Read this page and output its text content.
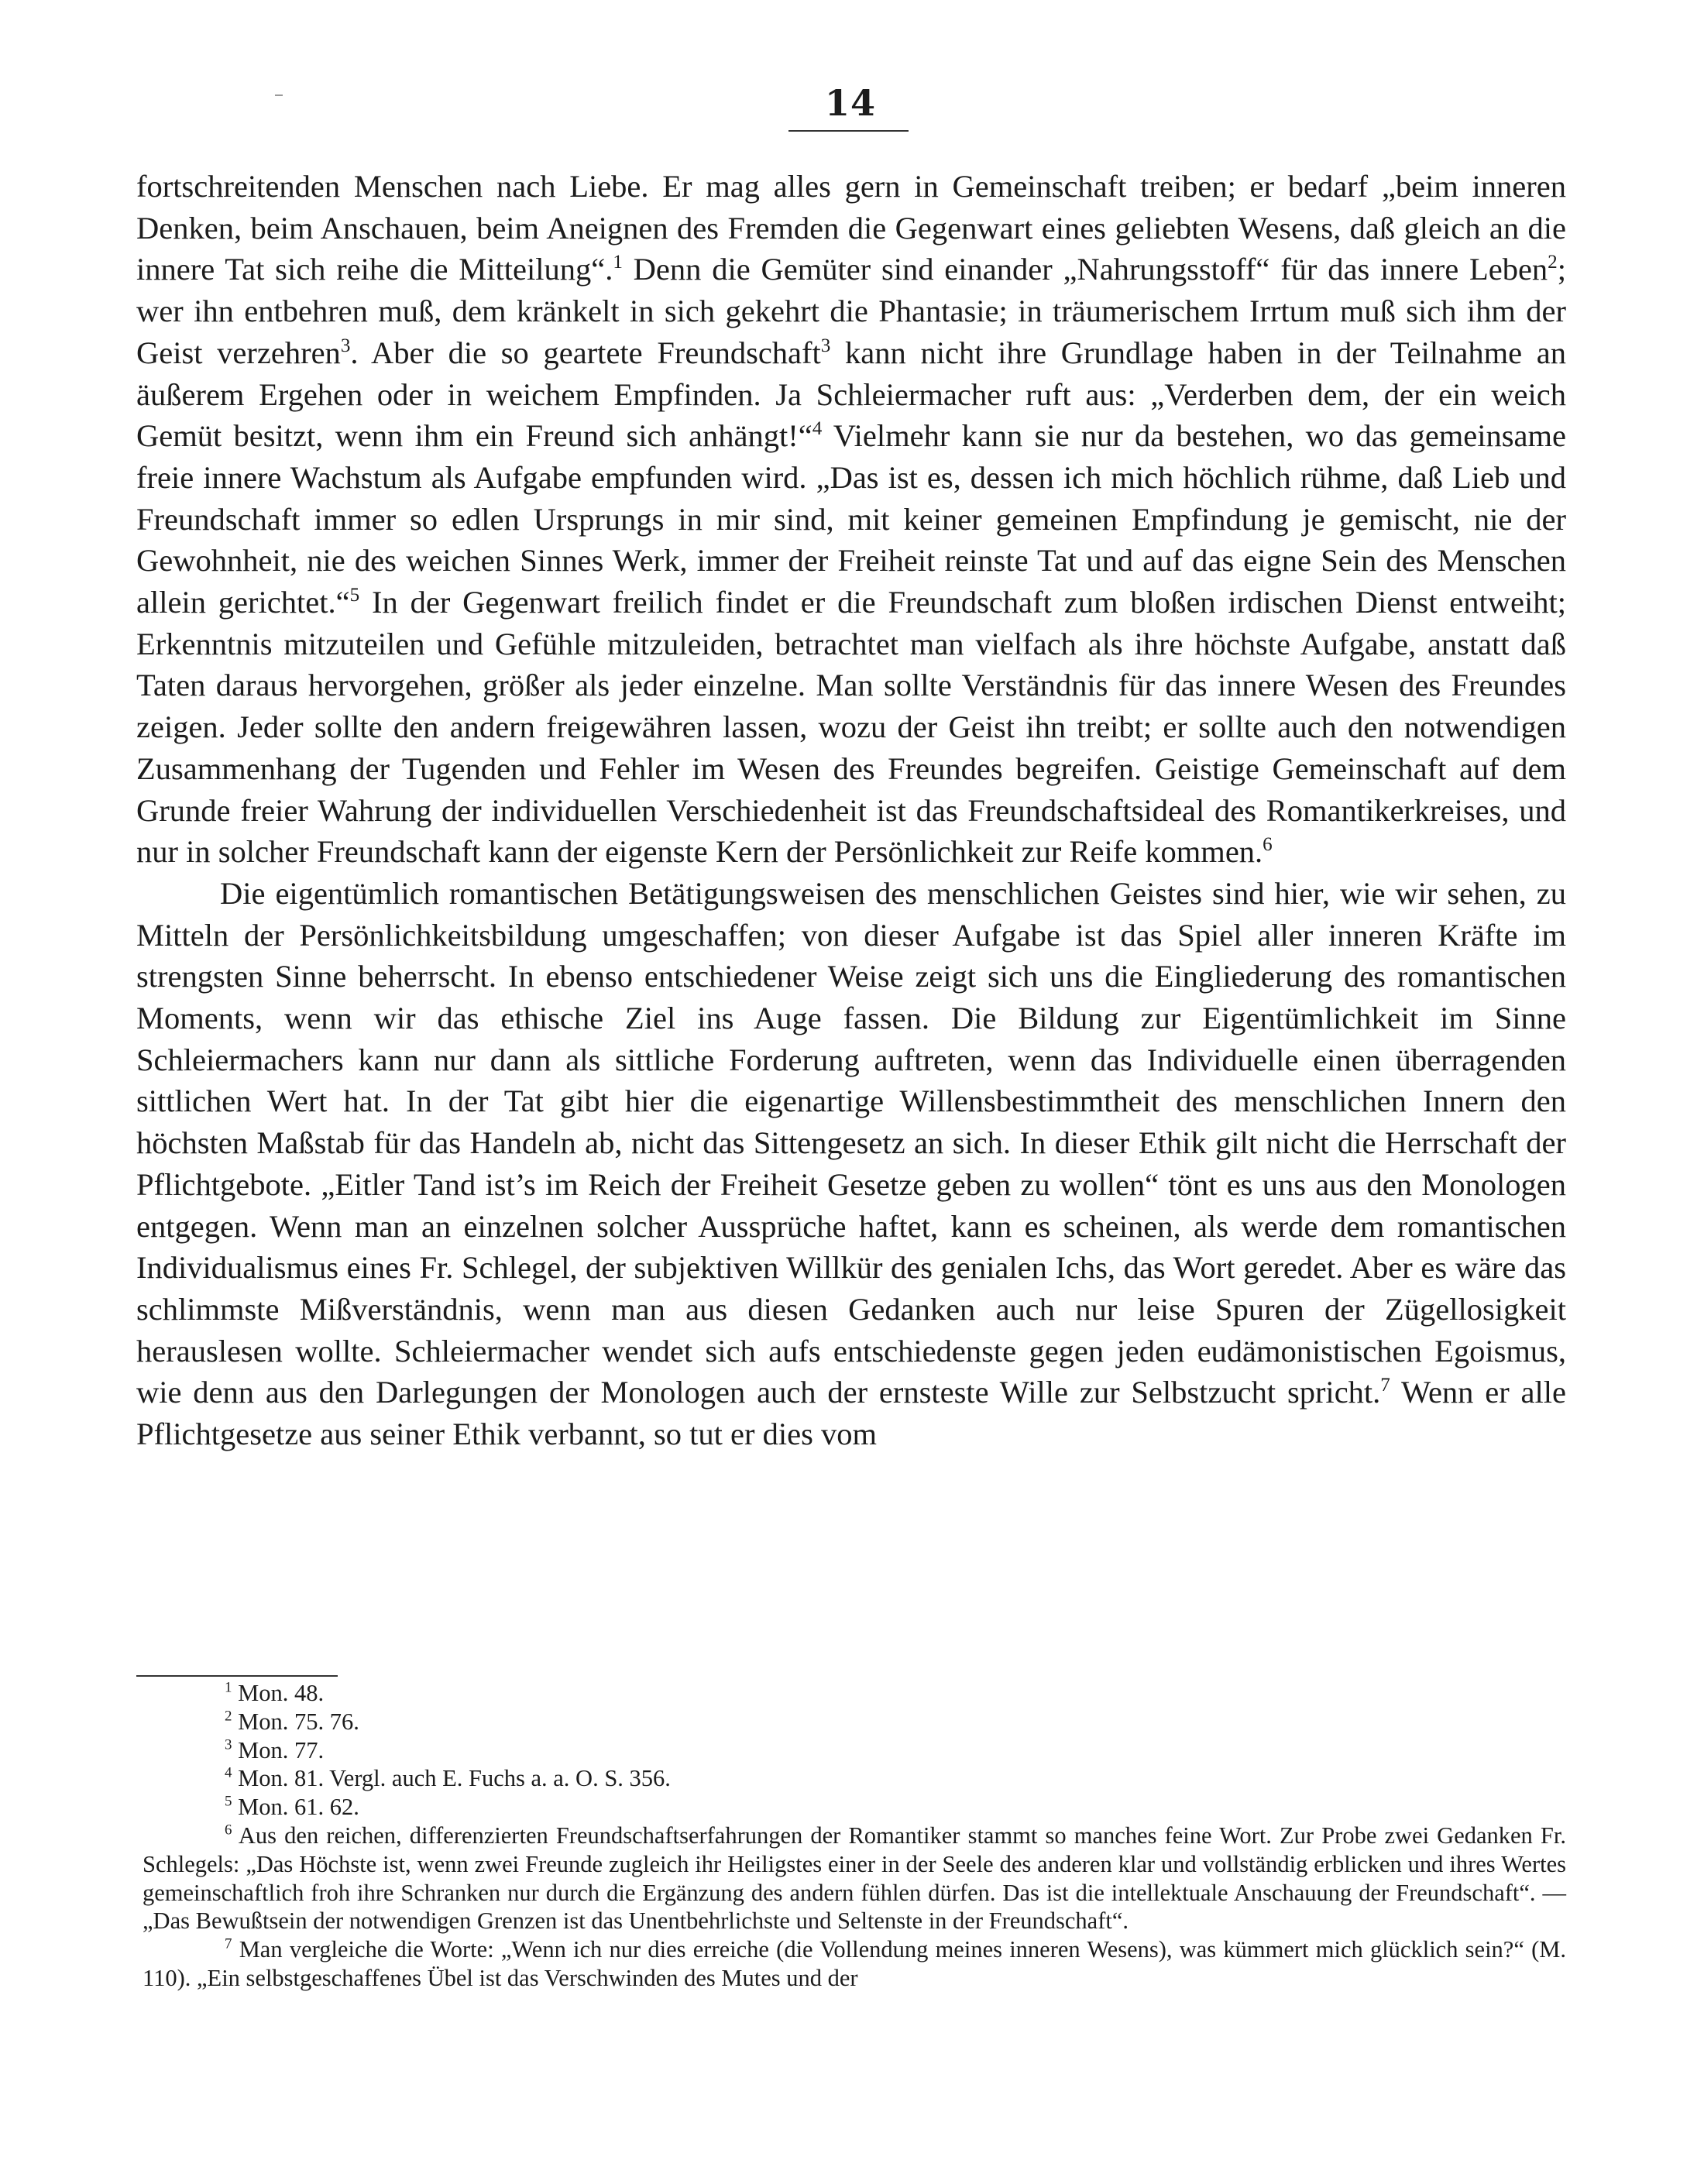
14

fortschreitenden Menschen nach Liebe. Er mag alles gern in Gemeinschaft treiben; er bedarf „beim inneren Denken, beim Anschauen, beim Aneignen des Fremden die Gegenwart eines geliebten Wesens, daß gleich an die innere Tat sich reihe die Mitteilung“.$^1$ Denn die Gemüter sind einander „Nahrungsstoff“ für das innere Leben$^2$; wer ihn entbehren muß, dem kränkelt in sich gekehrt die Phantasie; in träumerischem Irrtum muß sich ihm der Geist verzehren$^3$. Aber die so geartete Freundschaft$^3$ kann nicht ihre Grundlage haben in der Teilnahme an äußerem Ergehen oder in weichem Empfinden. Ja Schleiermacher ruft aus: „Verderben dem, der ein weich Gemüt besitzt, wenn ihm ein Freund sich anhängt!“$^4$ Vielmehr kann sie nur da bestehen, wo das gemeinsame freie innere Wachstum als Aufgabe empfunden wird. „Das ist es, dessen ich mich höchlich rühme, daß Lieb und Freundschaft immer so edlen Ursprungs in mir sind, mit keiner gemeinen Empfindung je gemischt, nie der Gewohnheit, nie des weichen Sinnes Werk, immer der Freiheit reinste Tat und auf das eigne Sein des Menschen allein gerichtet.“$^5$ In der Gegenwart freilich findet er die Freundschaft zum bloßen irdischen Dienst entweiht; Erkenntnis mitzuteilen und Gefühle mitzuleiden, betrachtet man vielfach als ihre höchste Aufgabe, anstatt daß Taten daraus hervorgehen, größer als jeder einzelne. Man sollte Verständnis für das innere Wesen des Freundes zeigen. Jeder sollte den andern freigewähren lassen, wozu der Geist ihn treibt; er sollte auch den notwendigen Zusammenhang der Tugenden und Fehler im Wesen des Freundes begreifen. Geistige Gemeinschaft auf dem Grunde freier Wahrung der individuellen Verschiedenheit ist das Freundschaftsideal des Romantikerkreises, und nur in solcher Freundschaft kann der eigenste Kern der Persönlichkeit zur Reife kommen.$^6$

Die eigentümlich romantischen Betätigungsweisen des menschlichen Geistes sind hier, wie wir sehen, zu Mitteln der Persönlichkeitsbildung umgeschaffen; von dieser Aufgabe ist das Spiel aller inneren Kräfte im strengsten Sinne beherrscht. In ebenso entschiedener Weise zeigt sich uns die Eingliederung des romantischen Moments, wenn wir das ethische Ziel ins Auge fassen. Die Bildung zur Eigentümlichkeit im Sinne Schleiermachers kann nur dann als sittliche Forderung auftreten, wenn das Individuelle einen überragenden sittlichen Wert hat. In der Tat gibt hier die eigenartige Willensbestimmtheit des menschlichen Innern den höchsten Maßstab für das Handeln ab, nicht das Sittengesetz an sich. In dieser Ethik gilt nicht die Herrschaft der Pflichtgebote. „Eitler Tand ist’s im Reich der Freiheit Gesetze geben zu wollen“ tönt es uns aus den Monologen entgegen. Wenn man an einzelnen solcher Aussprüche haftet, kann es scheinen, als werde dem romantischen Individualismus eines Fr. Schlegel, der subjektiven Willkür des genialen Ichs, das Wort geredet. Aber es wäre das schlimmste Mißverständnis, wenn man aus diesen Gedanken auch nur leise Spuren der Zügellosigkeit herauslesen wollte. Schleiermacher wendet sich aufs entschiedenste gegen jeden eudämonistischen Egoismus, wie denn aus den Darlegungen der Monologen auch der ernsteste Wille zur Selbstzucht spricht.$^7$ Wenn er alle Pflichtgesetze aus seiner Ethik verbannt, so tut er dies vom

$^1$ Mon. 48.
$^2$ Mon. 75. 76.
$^3$ Mon. 77.
$^4$ Mon. 81. Vergl. auch E. Fuchs a. a. O. S. 356.
$^5$ Mon. 61. 62.
$^6$ Aus den reichen, differenzierten Freundschaftserfahrungen der Romantiker stammt so manches feine Wort. Zur Probe zwei Gedanken Fr. Schlegels: „Das Höchste ist, wenn zwei Freunde zugleich ihr Heiligstes einer in der Seele des anderen klar und vollständig erblicken und ihres Wertes gemeinschaftlich froh ihre Schranken nur durch die Ergänzung des andern fühlen dürfen. Das ist die intellektuale Anschauung der Freundschaft“. — „Das Bewußtsein der notwendigen Grenzen ist das Unentbehrlichste und Seltenste in der Freundschaft“.
$^7$ Man vergleiche die Worte: „Wenn ich nur dies erreiche (die Vollendung meines inneren Wesens), was kümmert mich glücklich sein?“ (M. 110). „Ein selbstgeschaffenes Übel ist das Verschwinden des Mutes und der
